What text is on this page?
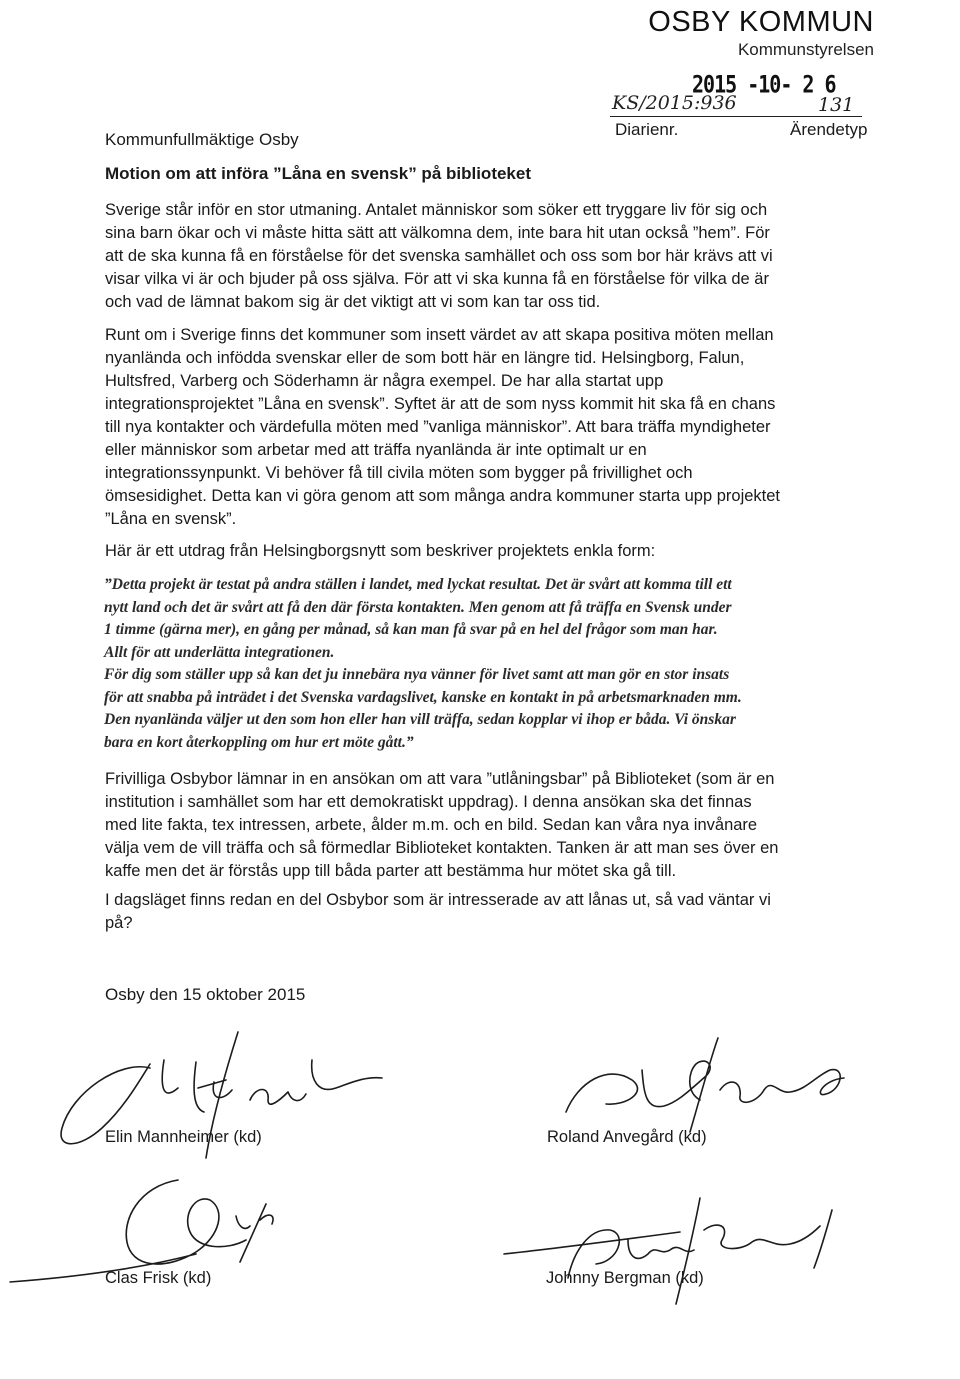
OSBY KOMMUN
Kommunstyrelsen
2015 -10- 2 6
KS/2015:936	131
Diarienr.	Ärendetyp
Kommunfullmäktige Osby
Motion om att införa ”Låna en svensk” på biblioteket

Sverige står inför en stor utmaning. Antalet människor som söker ett tryggare liv för sig och
sina barn ökar och vi måste hitta sätt att välkomna dem, inte bara hit utan också ”hem”. För
att de ska kunna få en förståelse för det svenska samhället och oss som bor här krävs att vi
visar vilka vi är och bjuder på oss själva. För att vi ska kunna få en förståelse för vilka de är
och vad de lämnat bakom sig är det viktigt att vi som kan tar oss tid.

Runt om i Sverige finns det kommuner som insett värdet av att skapa positiva möten mellan
nyanlända och infödda svenskar eller de som bott här en längre tid. Helsingborg, Falun,
Hultsfred, Varberg och Söderhamn är några exempel. De har alla startat upp
integrationsprojektet ”Låna en svensk”. Syftet är att de som nyss kommit hit ska få en chans
till nya kontakter och värdefulla möten med ”vanliga människor”. Att bara träffa myndigheter
eller människor som arbetar med att träffa nyanlända är inte optimalt ur en
integrationssynpunkt. Vi behöver få till civila möten som bygger på frivillighet och
ömsesidighet. Detta kan vi göra genom att som många andra kommuner starta upp projektet
”Låna en svensk”.

Här är ett utdrag från Helsingborgsnytt som beskriver projektets enkla form:

”Detta projekt är testat på andra ställen i landet, med lyckat resultat. Det är svårt att komma till ett
nytt land och det är svårt att få den där första kontakten. Men genom att få träffa en Svensk under
1 timme (gärna mer), en gång per månad, så kan man få svar på en hel del frågor som man har.
Allt för att underlätta integrationen.
För dig som ställer upp så kan det ju innebära nya vänner för livet samt att man gör en stor insats
för att snabba på inträdet i det Svenska vardagslivet, kanske en kontakt in på arbetsmarknaden mm.
Den nyanlända väljer ut den som hon eller han vill träffa, sedan kopplar vi ihop er båda. Vi önskar
bara en kort återkoppling om hur ert möte gått.”

Frivilliga Osbybor lämnar in en ansökan om att vara ”utlåningsbar” på Biblioteket (som är en
institution i samhället som har ett demokratiskt uppdrag). I denna ansökan ska det finnas
med lite fakta, tex intressen, arbete, ålder m.m. och en bild. Sedan kan våra nya invånare
välja vem de vill träffa och så förmedlar Biblioteket kontakten. Tanken är att man ses över en
kaffe men det är förstås upp till båda parter att bestämma hur mötet ska gå till.

I dagsläget finns redan en del Osbybor som är intresserade av att lånas ut, så vad väntar vi
på?

Osby den 15 oktober 2015
Elin Mannheimer (kd)	Roland Anvegård (kd)
Clas Frisk (kd)	Johnny Bergman (kd)
